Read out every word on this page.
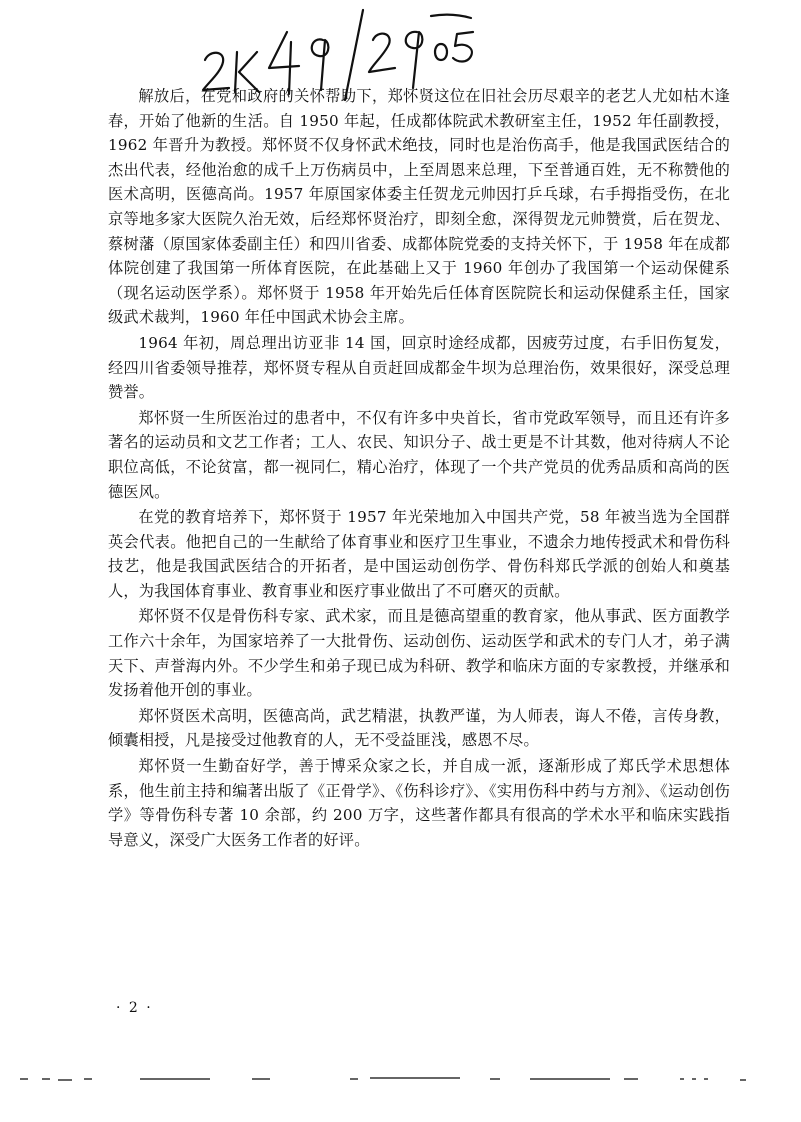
解放后，在党和政府的关怀帮助下，郑怀贤这位在旧社会历尽艰辛的老艺人尤如枯木逢春，开始了他新的生活。自 1950 年起，任成都体院武术教研室主任，1952 年任副教授，1962 年晋升为教授。郑怀贤不仅身怀武术绝技，同时也是治伤高手，他是我国武医结合的杰出代表，经他治愈的成千上万伤病员中，上至周恩来总理，下至普通百姓，无不称赞他的医术高明，医德高尚。1957 年原国家体委主任贺龙元帅因打乒乓球，右手拇指受伤，在北京等地多家大医院久治无效，后经郑怀贤治疗，即刻全愈，深得贺龙元帅赞赏，后在贺龙、蔡树藩（原国家体委副主任）和四川省委、成都体院党委的支持关怀下，于 1958 年在成都体院创建了我国第一所体育医院，在此基础上又于 1960 年创办了我国第一个运动保健系（现名运动医学系）。郑怀贤于 1958 年开始先后任体育医院院长和运动保健系主任，国家级武术裁判，1960 年任中国武术协会主席。

1964 年初，周总理出访亚非 14 国，回京时途经成都，因疲劳过度，右手旧伤复发，经四川省委领导推荐，郑怀贤专程从自贡赶回成都金牛坝为总理治伤，效果很好，深受总理赞誉。

郑怀贤一生所医治过的患者中，不仅有许多中央首长，省市党政军领导，而且还有许多著名的运动员和文艺工作者；工人、农民、知识分子、战士更是不计其数，他对待病人不论职位高低，不论贫富，都一视同仁，精心治疗，体现了一个共产党员的优秀品质和高尚的医德医风。

在党的教育培养下，郑怀贤于 1957 年光荣地加入中国共产党，58 年被当选为全国群英会代表。他把自己的一生献给了体育事业和医疗卫生事业，不遗余力地传授武术和骨伤科技艺，他是我国武医结合的开拓者，是中国运动创伤学、骨伤科郑氏学派的创始人和奠基人，为我国体育事业、教育事业和医疗事业做出了不可磨灭的贡献。

郑怀贤不仅是骨伤科专家、武术家，而且是德高望重的教育家，他从事武、医方面教学工作六十余年，为国家培养了一大批骨伤、运动创伤、运动医学和武术的专门人才，弟子满天下、声誉海内外。不少学生和弟子现已成为科研、教学和临床方面的专家教授，并继承和发扬着他开创的事业。

郑怀贤医术高明，医德高尚，武艺精湛，执教严谨，为人师表，诲人不倦，言传身教，倾囊相授，凡是接受过他教育的人，无不受益匪浅，感恩不尽。

郑怀贤一生勤奋好学，善于博采众家之长，并自成一派，逐渐形成了郑氏学术思想体系，他生前主持和编著出版了《正骨学》、《伤科诊疗》、《实用伤科中药与方剂》、《运动创伤学》等骨伤科专著 10 余部，约 200 万字，这些著作都具有很高的学术水平和临床实践指导意义，深受广大医务工作者的好评。

· 2 ·
